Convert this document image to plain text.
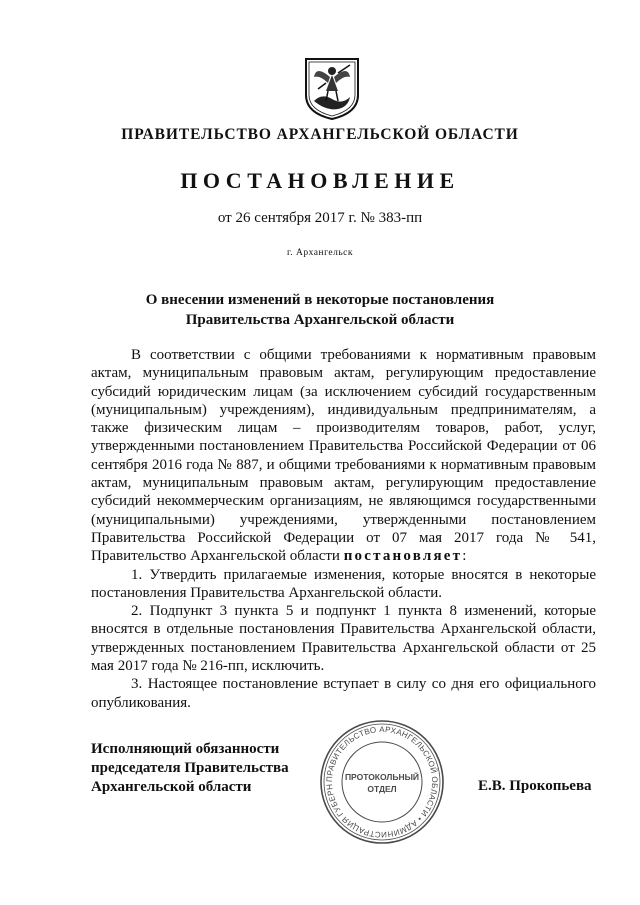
ПРАВИТЕЛЬСТВО АРХАНГЕЛЬСКОЙ ОБЛАСТИ
ПОСТАНОВЛЕНИЕ
от 26 сентября 2017 г. № 383-пп
г. Архангельск
О внесении изменений в некоторые постановления
Правительства Архангельской области

В соответствии с общими требованиями к нормативным правовым актам, муниципальным правовым актам, регулирующим предоставление субсидий юридическим лицам (за исключением субсидий государственным (муниципальным) учреждениям), индивидуальным предпринимателям, а также физическим лицам – производителям товаров, работ, услуг, утвержденными постановлением Правительства Российской Федерации от 06 сентября 2016 года № 887, и общими требованиями к нормативным правовым актам, муниципальным правовым актам, регулирующим предоставление субсидий некоммерческим организациям, не являющимся государственными (муниципальными) учреждениями, утвержденными постановлением Правительства Российской Федерации от 07 мая 2017 года № 541, Правительство Архангельской области постановляет:

1. Утвердить прилагаемые изменения, которые вносятся в некоторые постановления Правительства Архангельской области.

2. Подпункт 3 пункта 5 и подпункт 1 пункта 8 изменений, которые вносятся в отдельные постановления Правительства Архангельской области, утвержденных постановлением Правительства Архангельской области от 25 мая 2017 года № 216-пп, исключить.

3. Настоящее постановление вступает в силу со дня его официального опубликования.

Исполняющий обязанности
председателя Правительства
Архангельской области
ПРАВИТЕЛЬСТВО АРХАНГЕЛЬСКОЙ ОБЛАСТИ • АДМИНИСТРАЦИЯ ГУБЕРН
ПРОТОКОЛЬНЫЙ
ОТДЕЛ	Е.В. Прокопьева
